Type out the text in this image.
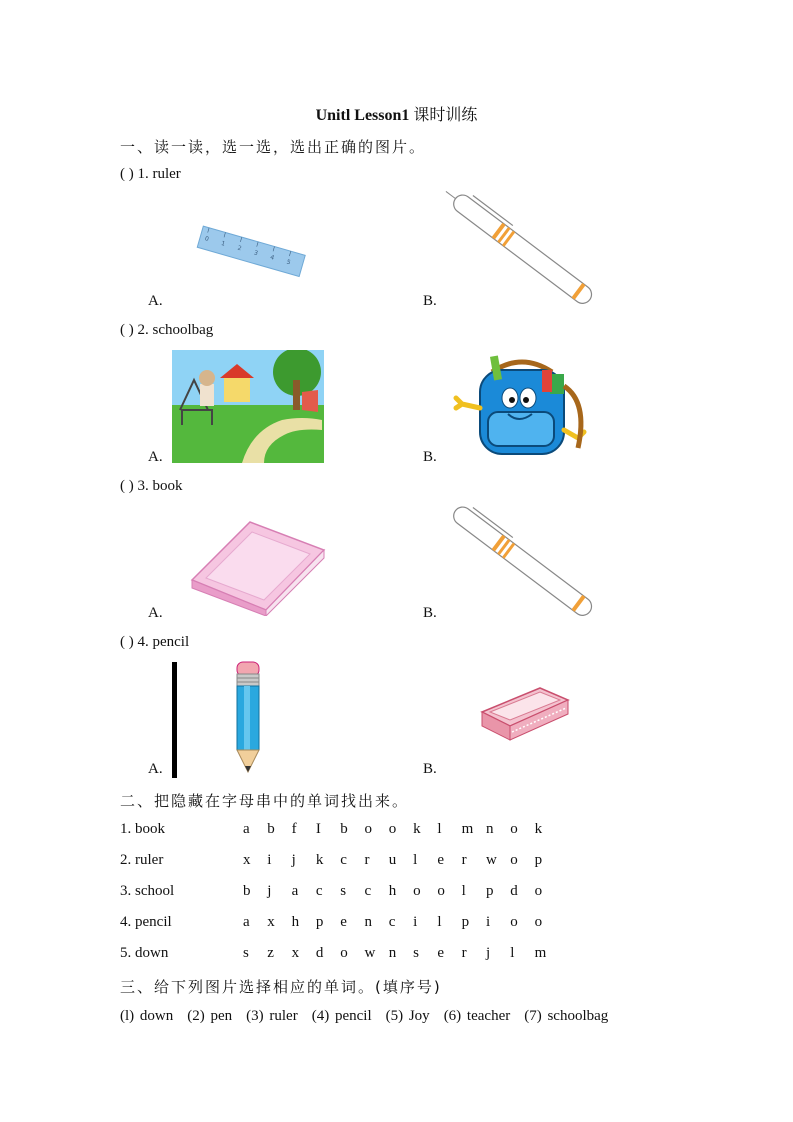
Unitl Lesson1 课时训练
一、读一读，选一选，选出正确的图片。
( ) 1. ruler
0
1
2
3
4
5
A.	B.
( ) 2. schoolbag
A.	B.
( ) 3. book
A.	B.
( ) 4. pencil
A.	B.
二、把隐藏在字母串中的单词找出来。
1. book	a b f I b o o k l m n o k
2. ruler	x i j k c r u l e r w o p
3. school	b j a c s c h o o l p d o
4. pencil	a x h p e n c i l p i o o
5. down	s z x d o w n s e r j l m
三、给下列图片选择相应的单词。(填序号)
(l) down (2) pen (3) ruler (4) pencil (5) Joy (6) teacher (7) schoolbag
